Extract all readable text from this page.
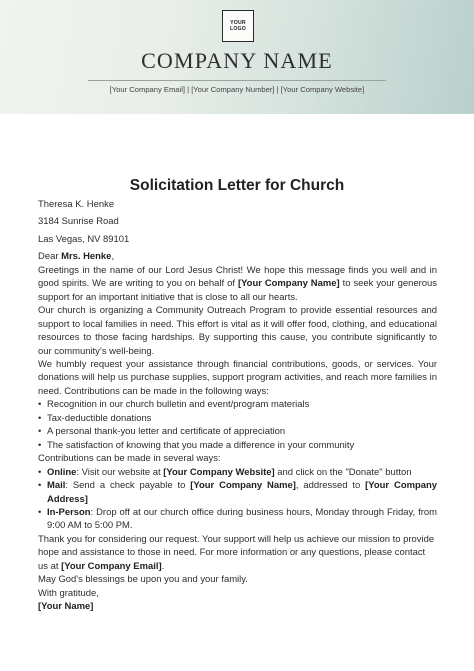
YOUR
LOGO
COMPANY NAME
[Your Company Email] | [Your Company Number] | [Your Company Website]
Solicitation Letter for Church

Theresa K. Henke

3184 Sunrise Road

Las Vegas, NV 89101

Dear Mrs. Henke,

Greetings in the name of our Lord Jesus Christ! We hope this message finds you well and in good spirits. We are writing to you on behalf of [Your Company Name] to seek your generous support for an important initiative that is close to all our hearts.

Our church is organizing a Community Outreach Program to provide essential resources and support to local families in need. This effort is vital as it will offer food, clothing, and educational resources to those facing hardships. By supporting this cause, you contribute significantly to our community’s well-being.

We humbly request your assistance through financial contributions, goods, or services. Your donations will help us purchase supplies, support program activities, and reach more families in need. Contributions can be made in the following ways:

• Recognition in our church bulletin and event/program materials
• Tax-deductible donations
• A personal thank-you letter and certificate of appreciation
• The satisfaction of knowing that you made a difference in your community

Contributions can be made in several ways:

• Online: Visit our website at [Your Company Website] and click on the "Donate" button
• Mail: Send a check payable to [Your Company Name], addressed to [Your Company Address]
• In-Person: Drop off at our church office during business hours, Monday through Friday, from 9:00 AM to 5:00 PM.

Thank you for considering our request. Your support will help us achieve our mission to provide hope and assistance to those in need. For more information or any questions, please contact us at [Your Company Email].

May God's blessings be upon you and your family.

With gratitude,

[Your Name]
